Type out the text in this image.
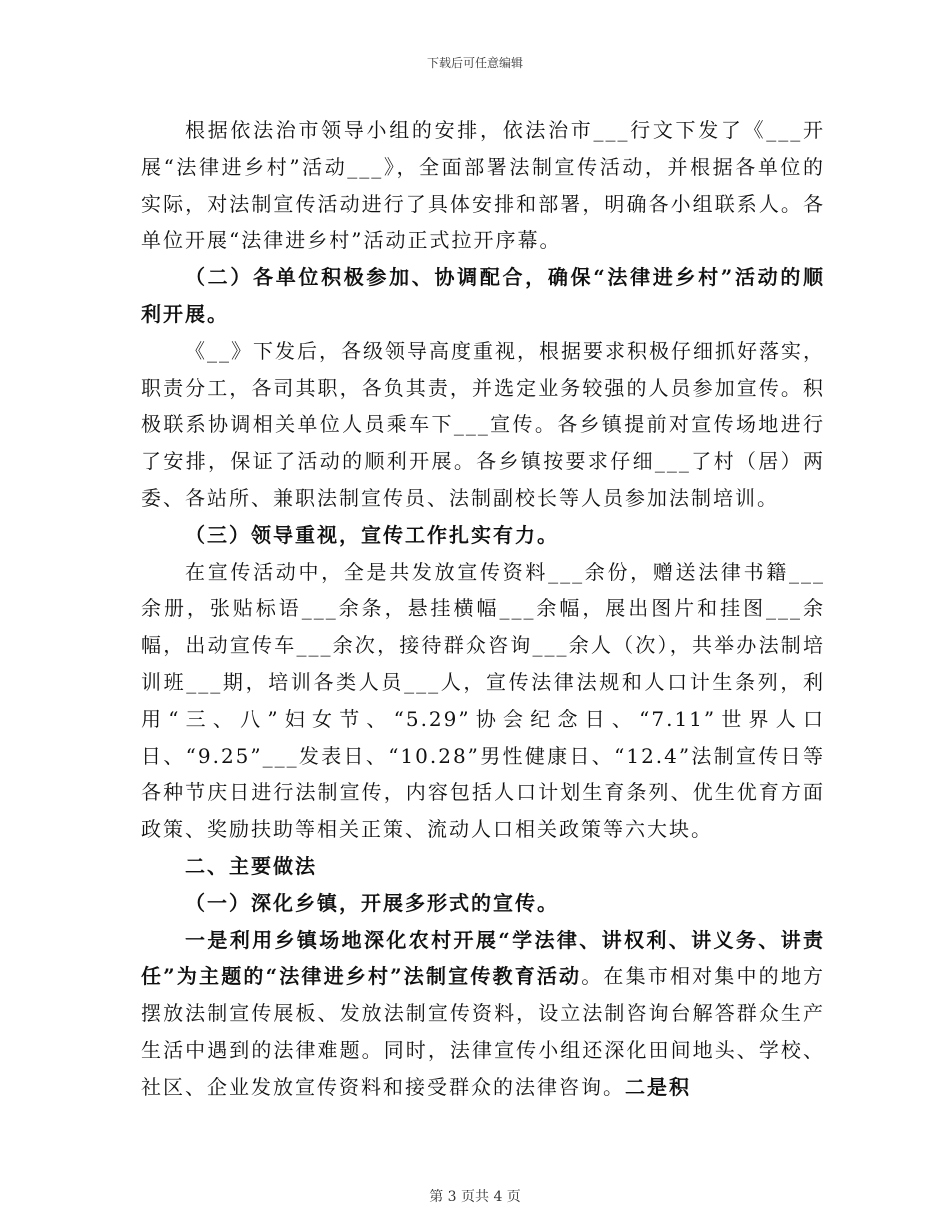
下载后可任意编辑

根据依法治市领导小组的安排，依法治市___行文下发了《___开展“法律进乡村”活动___》，全面部署法制宣传活动，并根据各单位的实际，对法制宣传活动进行了具体安排和部署，明确各小组联系人。各单位开展“法律进乡村”活动正式拉开序幕。

（二）各单位积极参加、协调配合，确保“法律进乡村”活动的顺利开展。

《__》下发后，各级领导高度重视，根据要求积极仔细抓好落实，职责分工，各司其职，各负其责，并选定业务较强的人员参加宣传。积极联系协调相关单位人员乘车下___宣传。各乡镇提前对宣传场地进行了安排，保证了活动的顺利开展。各乡镇按要求仔细___了村（居）两委、各站所、兼职法制宣传员、法制副校长等人员参加法制培训。

（三）领导重视，宣传工作扎实有力。

在宣传活动中，全是共发放宣传资料___余份，赠送法律书籍___余册，张贴标语___余条，悬挂横幅___余幅，展出图片和挂图___余幅，出动宣传车___余次，接待群众咨询___余人（次），共举办法制培训班___期，培训各类人员___人，宣传法律法规和人口计生条列，利用“三、八”妇女节、“5.29”协会纪念日、“7.11”世界人口日、“9.25”___发表日、“10.28”男性健康日、“12.4”法制宣传日等各种节庆日进行法制宣传，内容包括人口计划生育条列、优生优育方面政策、奖励扶助等相关正策、流动人口相关政策等六大块。

二、主要做法

（一）深化乡镇，开展多形式的宣传。

一是利用乡镇场地深化农村开展“学法律、讲权利、讲义务、讲责任”为主题的“法律进乡村”法制宣传教育活动。在集市相对集中的地方摆放法制宣传展板、发放法制宣传资料，设立法制咨询台解答群众生产生活中遇到的法律难题。同时，法律宣传小组还深化田间地头、学校、社区、企业发放宣传资料和接受群众的法律咨询。二是积

第 3 页共 4 页
